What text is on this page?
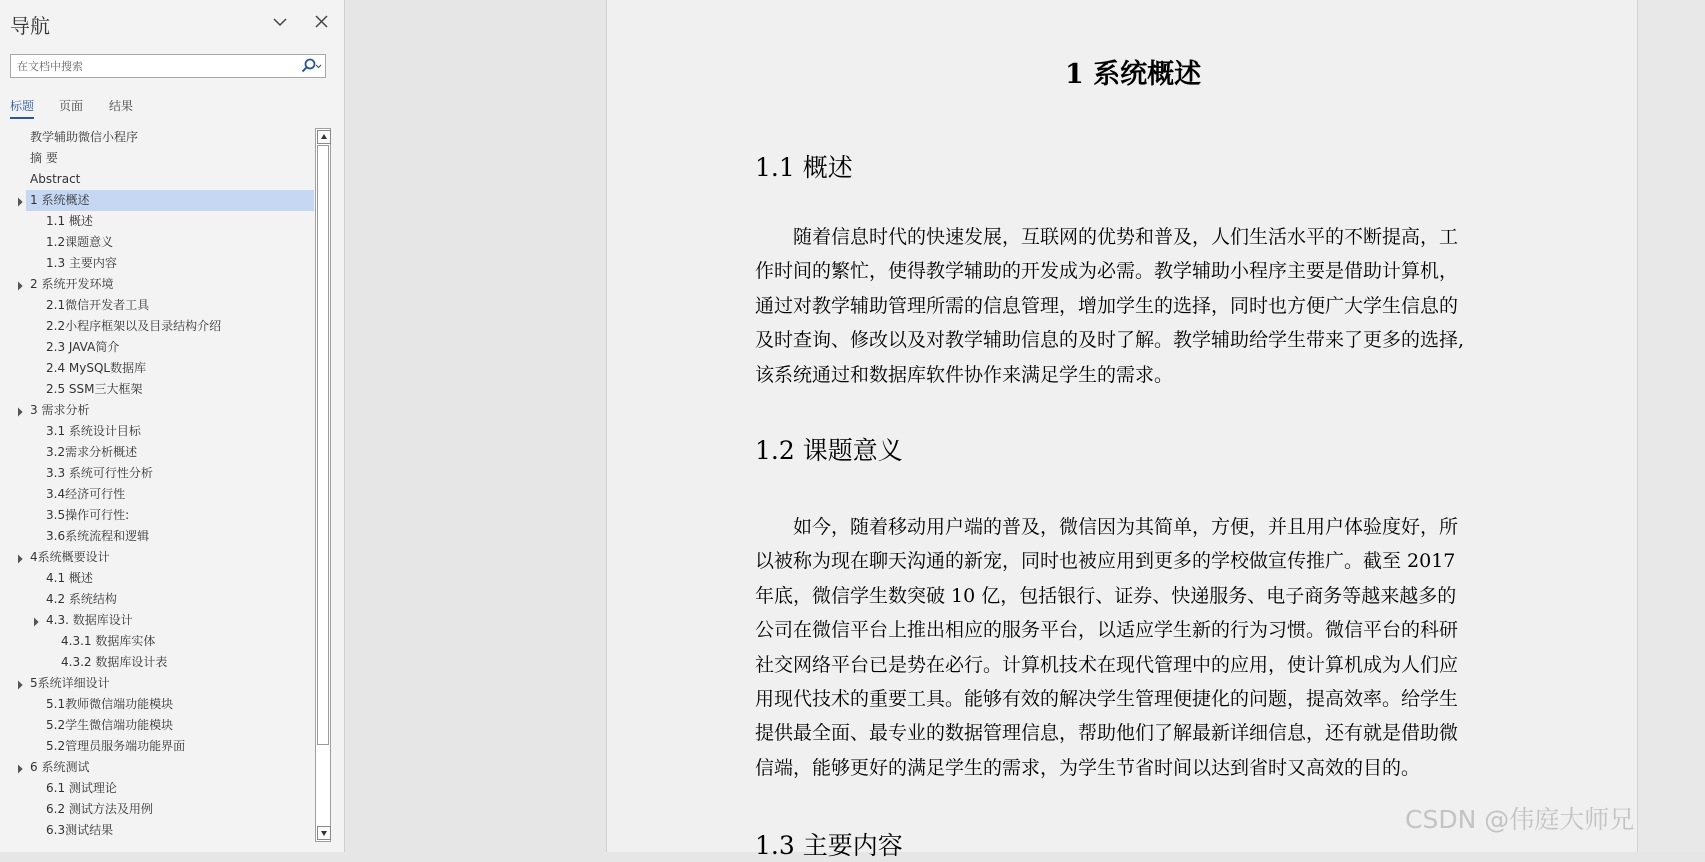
导航
在文档中搜索
标题 页面 结果
教学辅助微信小程序
摘 要
Abstract
1 系统概述
1.1 概述
1.2课题意义
1.3 主要内容
2 系统开发环境
2.1微信开发者工具
2.2小程序框架以及目录结构介绍
2.3 JAVA简介
2.4 MySQL数据库
2.5 SSM三大框架
3 需求分析
3.1 系统设计目标
3.2需求分析概述
3.3 系统可行性分析
3.4经济可行性
3.5操作可行性:
3.6系统流程和逻辑
4系统概要设计
4.1 概述
4.2 系统结构
4.3. 数据库设计
4.3.1 数据库实体
4.3.2 数据库设计表
5系统详细设计
5.1教师微信端功能模块
5.2学生微信端功能模块
5.2管理员服务端功能界面
6 系统测试
6.1 测试理论
6.2 测试方法及用例
6.3测试结果
1 系统概述
1.1 概述
　　随着信息时代的快速发展，互联网的优势和普及，人们生活水平的不断提高，工
作时间的繁忙，使得教学辅助的开发成为必需。教学辅助小程序主要是借助计算机，
通过对教学辅助管理所需的信息管理，增加学生的选择，同时也方便广大学生信息的
及时查询、修改以及对教学辅助信息的及时了解。教学辅助给学生带来了更多的选择,
该系统通过和数据库软件协作来满足学生的需求。
1.2 课题意义
　　如今，随着移动用户端的普及，微信因为其简单，方便，并且用户体验度好，所
以被称为现在聊天沟通的新宠，同时也被应用到更多的学校做宣传推广。截至 2017
年底，微信学生数突破 10 亿，包括银行、证券、快递服务、电子商务等越来越多的
公司在微信平台上推出相应的服务平台，以适应学生新的行为习惯。微信平台的科研
社交网络平台已是势在必行。计算机技术在现代管理中的应用，使计算机成为人们应
用现代技术的重要工具。能够有效的解决学生管理便捷化的问题，提高效率。给学生
提供最全面、最专业的数据管理信息，帮助他们了解最新详细信息，还有就是借助微
信端，能够更好的满足学生的需求，为学生节省时间以达到省时又高效的目的。
1.3 主要内容
CSDN @伟庭大师兄
